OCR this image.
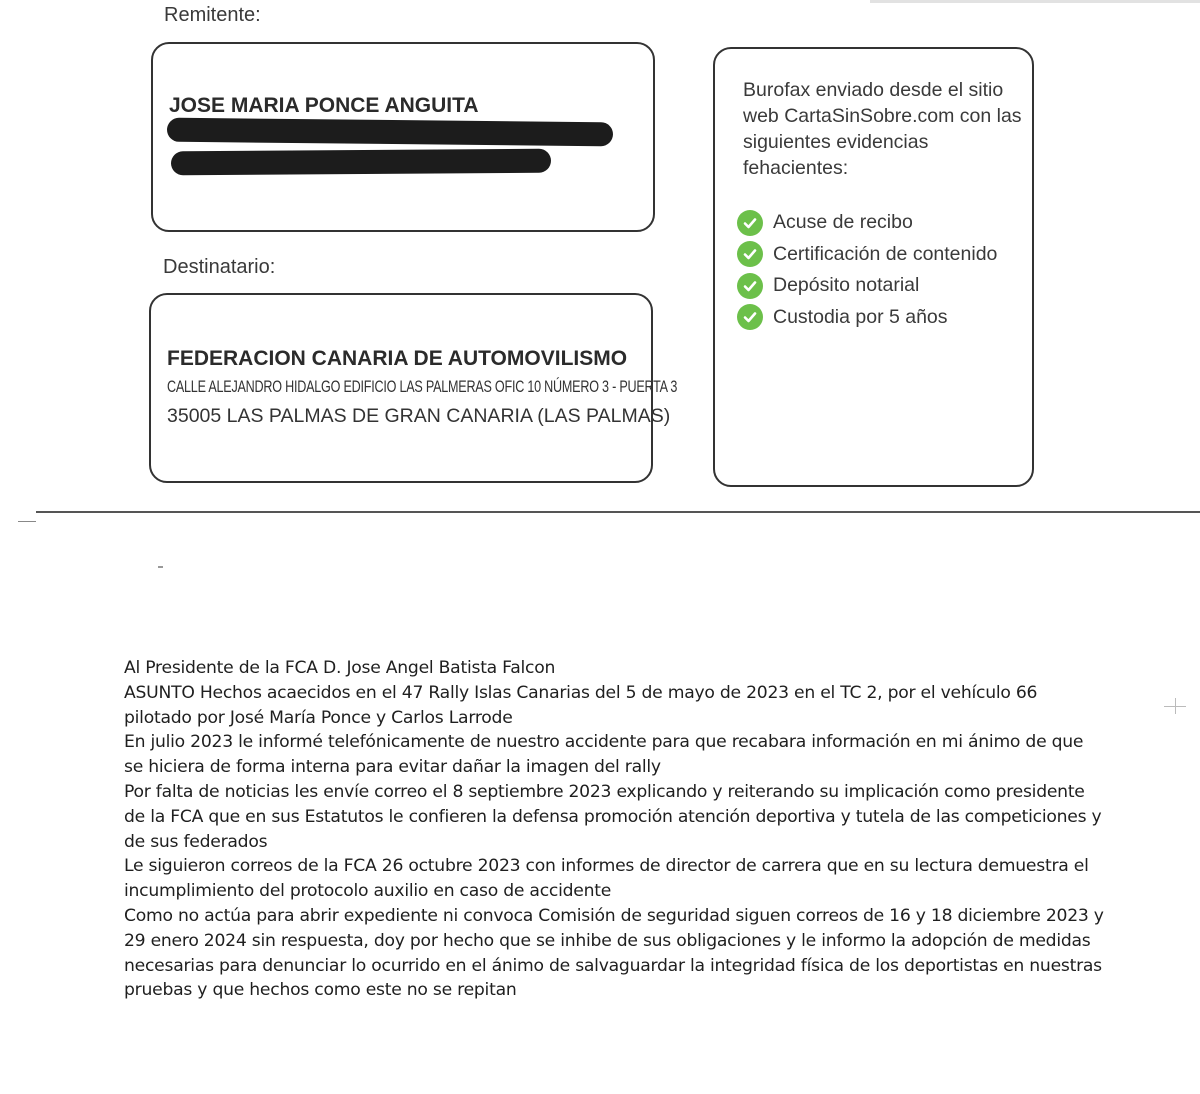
Remitente:
JOSE MARIA PONCE ANGUITA
Destinatario:
FEDERACION CANARIA DE AUTOMOVILISMO
CALLE ALEJANDRO HIDALGO EDIFICIO LAS PALMERAS OFIC 10 NÚMERO 3 - PUERTA 3
35005 LAS PALMAS DE GRAN CANARIA (LAS PALMAS)
Burofax enviado desde el sitio web CartaSinSobre.com con las siguientes evidencias fehacientes:
Acuse de recibo
Certificación de contenido
Depósito notarial
Custodia por 5 años

Al Presidente de la FCA D. Jose Angel Batista Falcon

ASUNTO Hechos acaecidos en el 47 Rally Islas Canarias del 5 de mayo de 2023 en el TC 2, por el vehículo 66 pilotado por José María Ponce y Carlos Larrode

En julio 2023 le informé telefónicamente de nuestro accidente para que recabara información en mi ánimo de que se hiciera de forma interna para evitar dañar la imagen del rally

Por falta de noticias les envíe correo el 8 septiembre 2023 explicando y reiterando su implicación como presidente de la FCA que en sus Estatutos le confieren la defensa promoción atención deportiva y tutela de las competiciones y de sus federados

Le siguieron correos de la FCA 26 octubre 2023 con informes de director de carrera que en su lectura demuestra el incumplimiento del protocolo auxilio en caso de accidente

Como no actúa para abrir expediente ni convoca Comisión de seguridad siguen correos de 16 y 18 diciembre 2023 y 29 enero 2024 sin respuesta, doy por hecho que se inhibe de sus obligaciones y le informo la adopción de medidas necesarias para denunciar lo ocurrido en el ánimo de salvaguardar la integridad física de los deportistas en nuestras pruebas y que hechos como este no se repitan
